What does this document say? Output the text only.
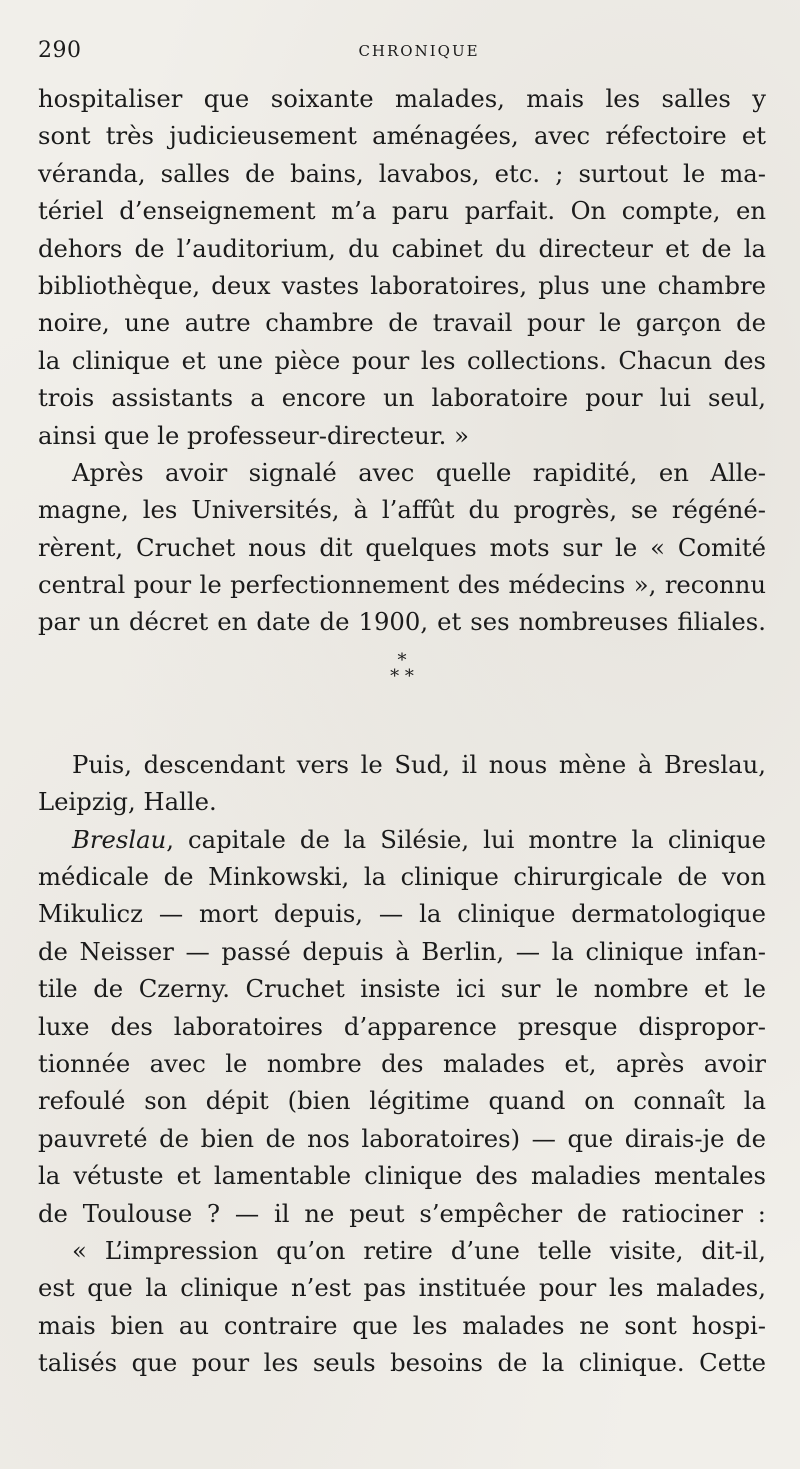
290	CHRONIQUE
hospitaliser que soixante malades, mais les salles y
sont très judicieusement aménagées, avec réfectoire et
véranda, salles de bains, lavabos, etc. ; surtout le ma-
tériel d’enseignement m’a paru parfait. On compte, en
dehors de l’auditorium, du cabinet du directeur et de la
bibliothèque, deux vastes laboratoires, plus une chambre
noire, une autre chambre de travail pour le garçon de
la clinique et une pièce pour les collections. Chacun des
trois assistants a encore un laboratoire pour lui seul,
ainsi que le professeur-directeur. »
Après avoir signalé avec quelle rapidité, en Alle-
magne, les Universités, à l’affût du progrès, se régéné-
rèrent, Cruchet nous dit quelques mots sur le « Comité
central pour le perfectionnement des médecins », reconnu
par un décret en date de 1900, et ses nombreuses filiales.
*
* *
Puis, descendant vers le Sud, il nous mène à Breslau,
Leipzig, Halle.
Breslau, capitale de la Silésie, lui montre la clinique
médicale de Minkowski, la clinique chirurgicale de von
Mikulicz — mort depuis, — la clinique dermatologique
de Neisser — passé depuis à Berlin, — la clinique infan-
tile de Czerny. Cruchet insiste ici sur le nombre et le
luxe des laboratoires d’apparence presque dispropor-
tionnée avec le nombre des malades et, après avoir
refoulé son dépit (bien légitime quand on connaît la
pauvreté de bien de nos laboratoires) — que dirais-je de
la vétuste et lamentable clinique des maladies mentales
de Toulouse ? — il ne peut s’empêcher de ratiociner :
« L’impression qu’on retire d’une telle visite, dit-il,
est que la clinique n’est pas instituée pour les malades,
mais bien au contraire que les malades ne sont hospi-
talisés que pour les seuls besoins de la clinique. Cette
